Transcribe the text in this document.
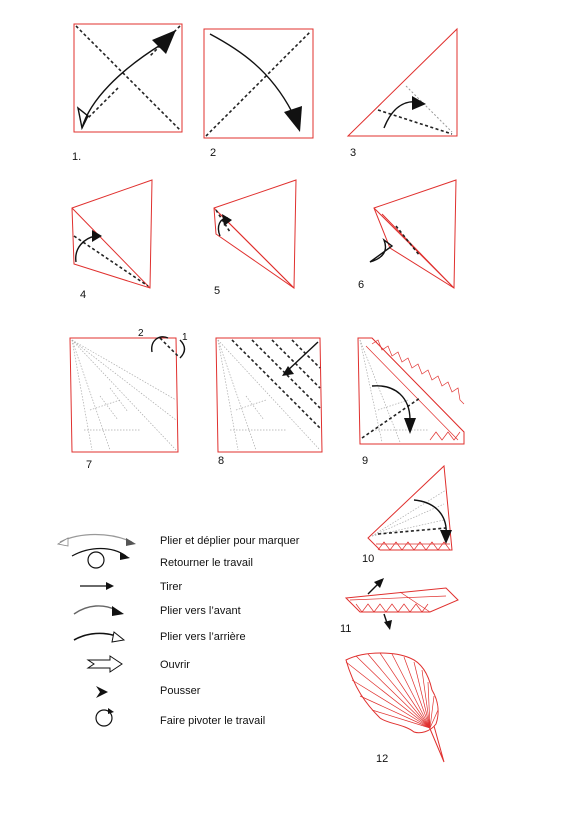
1.	2	3
4	5	6
2	1
7	8	9
10
11
12
Plier et déplier pour marquer
Retourner le travail
Tirer
Plier vers l’avant
Plier vers l’arrière
Ouvrir
Pousser
Faire pivoter le travail
